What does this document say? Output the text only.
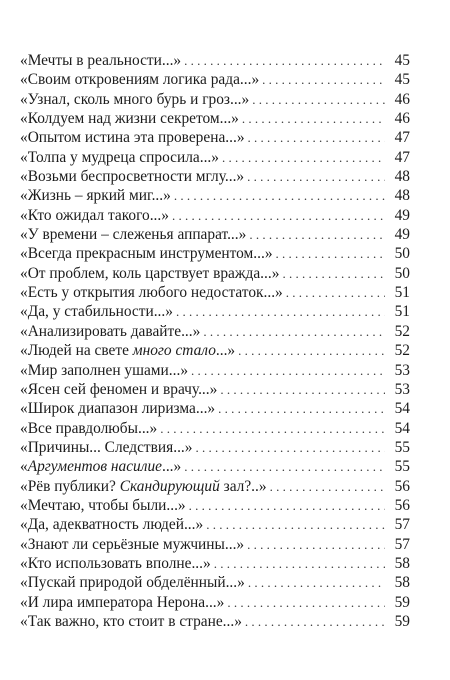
«Мечты в реальности...» . . .	45
«Своим откровениям логика рада...» . . .	45
«Узнал, сколь много бурь и гроз...» . . .	46
«Колдуем над жизни секретом...» . . .	46
«Опытом истина эта проверена...» . . .	47
«Толпа у мудреца спросила...» . . .	47
«Возьми беспросветности мглу...» . . .	48
«Жизнь – яркий миг...» . . .	48
«Кто ожидал такого...» . . .	49
«У времени – слеженья аппарат...» . . .	49
«Всегда прекрасным инструментом...» . . .	50
«От проблем, коль царствует вражда...» . . .	50
«Есть у открытия любого недостаток...» . . .	51
«Да, у стабильности...» . . .	51
«Анализировать давайте...» . . .	52
«Людей на свете много стало...» . . .	52
«Мир заполнен ушами...» . . .	53
«Ясен сей феномен и врачу...» . . .	53
«Широк диапазон лиризма...» . . .	54
«Все правдолюбы...» . . .	54
«Причины... Следствия...» . . .	55
«Аргументов насилие...» . . .	55
«Рёв публики? Скандирующий зал?..» . . .	56
«Мечтаю, чтобы были...» . . .	56
«Да, адекватность людей...» . . .	57
«Знают ли серьёзные мужчины...» . . .	57
«Кто использовать вполне...» . . .	58
«Пускай природой обделённый...» . . .	58
«И лира императора Нерона...» . . .	59
«Так важно, кто стоит в стране...» . . .	59
